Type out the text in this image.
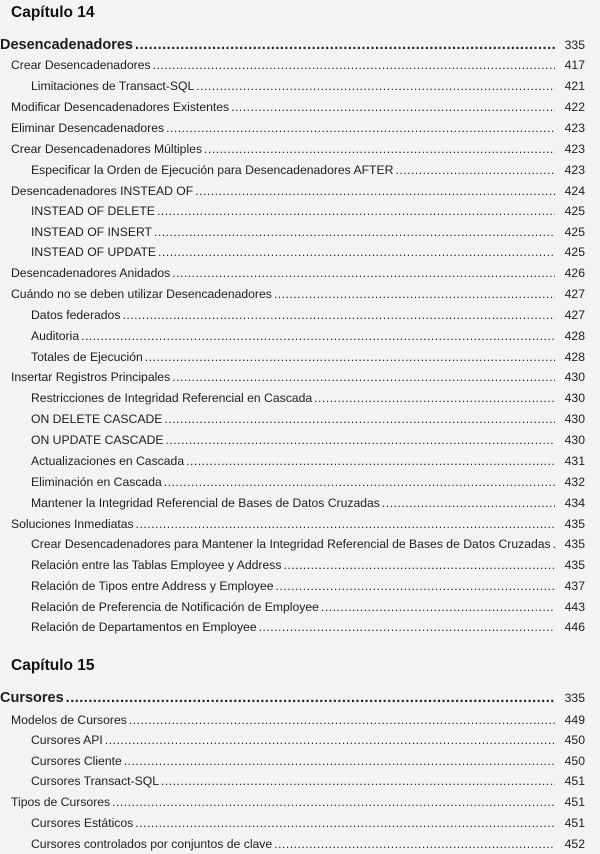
Capítulo 14
Desencadenadores .....	335
Crear Desencadenadores .....	417
Limitaciones de Transact-SQL .....	421
Modificar Desencadenadores Existentes .....	422
Eliminar Desencadenadores .....	423
Crear Desencadenadores Múltiples .....	423
Especificar la Orden de Ejecución para Desencadenadores AFTER .....	423
Desencadenadores INSTEAD OF .....	424
INSTEAD OF DELETE .....	425
INSTEAD OF INSERT .....	425
INSTEAD OF UPDATE .....	425
Desencadenadores Anidados .....	426
Cuándo no se deben utilizar Desencadenadores .....	427
Datos federados .....	427
Auditoria .....	428
Totales de Ejecución .....	428
Insertar Registros Principales .....	430
Restricciones de Integridad Referencial en Cascada .....	430
ON DELETE CASCADE .....	430
ON UPDATE CASCADE .....	430
Actualizaciones en Cascada .....	431
Eliminación en Cascada .....	432
Mantener la Integridad Referencial de Bases de Datos Cruzadas .....	434
Soluciones Inmediatas .....	435
Crear Desencadenadores para Mantener la Integridad Referencial de Bases de Datos Cruzadas .....	435
Relación entre las Tablas Employee y Address .....	435
Relación de Tipos entre Address y Employee .....	437
Relación de Preferencia de Notificación de Employee .....	443
Relación de Departamentos en Employee .....	446
Capítulo 15
Cursores .....	335
Modelos de Cursores .....	449
Cursores API .....	450
Cursores Cliente .....	450
Cursores Transact-SQL .....	451
Tipos de Cursores .....	451
Cursores Estáticos .....	451
Cursores controlados por conjuntos de clave .....	452
